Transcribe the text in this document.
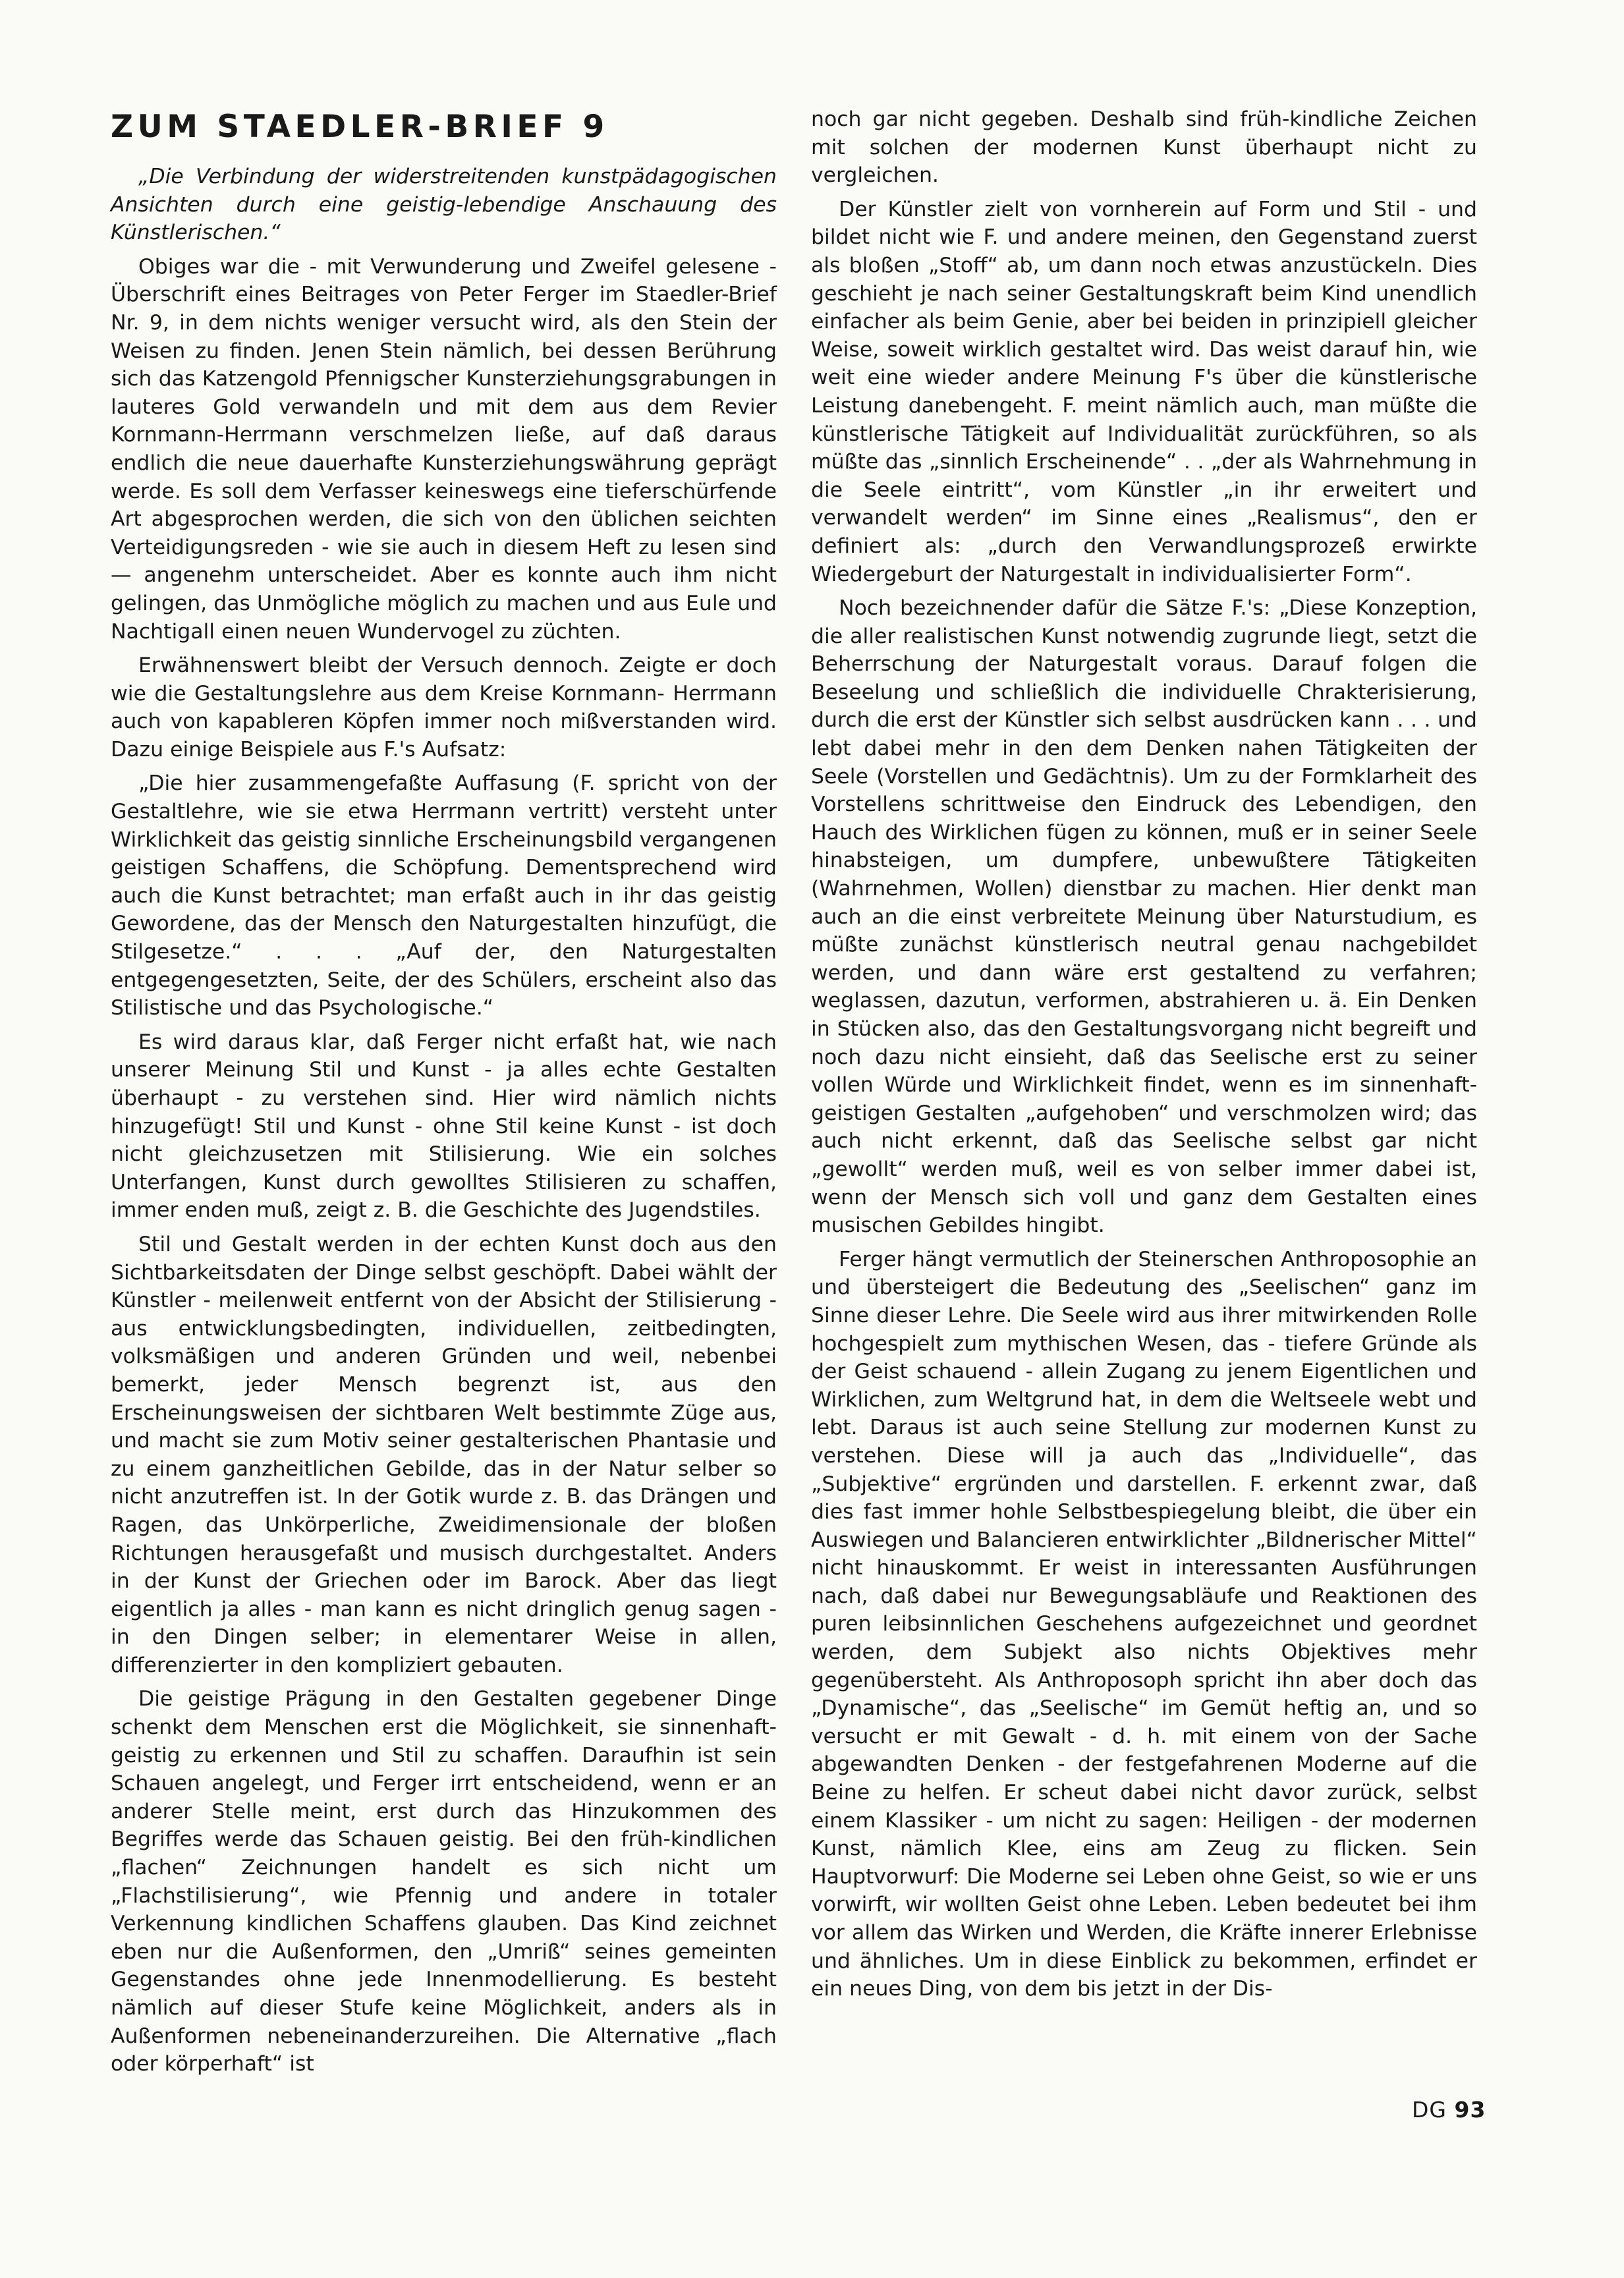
ZUM STAEDLER-BRIEF 9

„Die Verbindung der widerstreitenden kunstpädagogischen Ansichten durch eine geistig-lebendige Anschauung des Künstlerischen.“

Obiges war die - mit Verwunderung und Zweifel gelesene - Überschrift eines Beitrages von Peter Ferger im Staedler-Brief Nr. 9, in dem nichts weniger versucht wird, als den Stein der Weisen zu finden. Jenen Stein nämlich, bei dessen Berührung sich das Katzengold Pfennigscher Kunsterziehungsgrabungen in lauteres Gold verwandeln und mit dem aus dem Revier Kornmann-Herrmann verschmelzen ließe, auf daß daraus endlich die neue dauerhafte Kunsterziehungswährung geprägt werde. Es soll dem Verfasser keineswegs eine tieferschürfende Art abgesprochen werden, die sich von den üblichen seichten Verteidigungsreden - wie sie auch in diesem Heft zu lesen sind — angenehm unterscheidet. Aber es konnte auch ihm nicht gelingen, das Unmögliche möglich zu machen und aus Eule und Nachtigall einen neuen Wundervogel zu züchten.

Erwähnenswert bleibt der Versuch dennoch. Zeigte er doch wie die Gestaltungslehre aus dem Kreise Kornmann- Herrmann auch von kapableren Köpfen immer noch mißverstanden wird. Dazu einige Beispiele aus F.'s Aufsatz:

„Die hier zusammengefaßte Auffasung (F. spricht von der Gestaltlehre, wie sie etwa Herrmann vertritt) versteht unter Wirklichkeit das geistig sinnliche Erscheinungsbild vergangenen geistigen Schaffens, die Schöpfung. Dementsprechend wird auch die Kunst betrachtet; man erfaßt auch in ihr das geistig Gewordene, das der Mensch den Naturgestalten hinzufügt, die Stilgesetze.“ . . . „Auf der, den Naturgestalten entgegengesetzten, Seite, der des Schülers, erscheint also das Stilistische und das Psychologische.“

Es wird daraus klar, daß Ferger nicht erfaßt hat, wie nach unserer Meinung Stil und Kunst - ja alles echte Gestalten überhaupt - zu verstehen sind. Hier wird nämlich nichts hinzugefügt! Stil und Kunst - ohne Stil keine Kunst - ist doch nicht gleichzusetzen mit Stilisierung. Wie ein solches Unterfangen, Kunst durch gewolltes Stilisieren zu schaffen, immer enden muß, zeigt z. B. die Geschichte des Jugendstiles.

Stil und Gestalt werden in der echten Kunst doch aus den Sichtbarkeitsdaten der Dinge selbst geschöpft. Dabei wählt der Künstler - meilenweit entfernt von der Absicht der Stilisierung - aus entwicklungsbedingten, individuellen, zeitbedingten, volksmäßigen und anderen Gründen und weil, nebenbei bemerkt, jeder Mensch begrenzt ist, aus den Erscheinungsweisen der sichtbaren Welt bestimmte Züge aus, und macht sie zum Motiv seiner gestalterischen Phantasie und zu einem ganzheitlichen Gebilde, das in der Natur selber so nicht anzutreffen ist. In der Gotik wurde z. B. das Drängen und Ragen, das Unkörperliche, Zweidimensionale der bloßen Richtungen herausgefaßt und musisch durchgestaltet. Anders in der Kunst der Griechen oder im Barock. Aber das liegt eigentlich ja alles - man kann es nicht dringlich genug sagen - in den Dingen selber; in elementarer Weise in allen, differenzierter in den kompliziert gebauten.

Die geistige Prägung in den Gestalten gegebener Dinge schenkt dem Menschen erst die Möglichkeit, sie sinnenhaft-geistig zu erkennen und Stil zu schaffen. Daraufhin ist sein Schauen angelegt, und Ferger irrt entscheidend, wenn er an anderer Stelle meint, erst durch das Hinzukommen des Begriffes werde das Schauen geistig. Bei den früh-kindlichen „flachen“ Zeichnungen handelt es sich nicht um „Flachstilisierung“, wie Pfennig und andere in totaler Verkennung kindlichen Schaffens glauben. Das Kind zeichnet eben nur die Außenformen, den „Umriß“ seines gemeinten Gegenstandes ohne jede Innenmodellierung. Es besteht nämlich auf dieser Stufe keine Möglichkeit, anders als in Außenformen nebeneinanderzureihen. Die Alternative „flach oder körperhaft“ ist

noch gar nicht gegeben. Deshalb sind früh-kindliche Zeichen mit solchen der modernen Kunst überhaupt nicht zu vergleichen.

Der Künstler zielt von vornherein auf Form und Stil - und bildet nicht wie F. und andere meinen, den Gegenstand zuerst als bloßen „Stoff“ ab, um dann noch etwas anzustückeln. Dies geschieht je nach seiner Gestaltungskraft beim Kind unendlich einfacher als beim Genie, aber bei beiden in prinzipiell gleicher Weise, soweit wirklich gestaltet wird. Das weist darauf hin, wie weit eine wieder andere Meinung F's über die künstlerische Leistung danebengeht. F. meint nämlich auch, man müßte die künstlerische Tätigkeit auf Individualität zurückführen, so als müßte das „sinnlich Erscheinende“ . . „der als Wahrnehmung in die Seele eintritt“, vom Künstler „in ihr erweitert und verwandelt werden“ im Sinne eines „Realismus“, den er definiert als: „durch den Verwandlungsprozeß erwirkte Wiedergeburt der Naturgestalt in individualisierter Form“.

Noch bezeichnender dafür die Sätze F.'s: „Diese Konzeption, die aller realistischen Kunst notwendig zugrunde liegt, setzt die Beherrschung der Naturgestalt voraus. Darauf folgen die Beseelung und schließlich die individuelle Chrakterisierung, durch die erst der Künstler sich selbst ausdrücken kann . . . und lebt dabei mehr in den dem Denken nahen Tätigkeiten der Seele (Vorstellen und Gedächtnis). Um zu der Formklarheit des Vorstellens schrittweise den Eindruck des Lebendigen, den Hauch des Wirklichen fügen zu können, muß er in seiner Seele hinabsteigen, um dumpfere, unbewußtere Tätigkeiten (Wahrnehmen, Wollen) dienstbar zu machen. Hier denkt man auch an die einst verbreitete Meinung über Naturstudium, es müßte zunächst künstlerisch neutral genau nachgebildet werden, und dann wäre erst gestaltend zu verfahren; weglassen, dazutun, verformen, abstrahieren u. ä. Ein Denken in Stücken also, das den Gestaltungsvorgang nicht begreift und noch dazu nicht einsieht, daß das Seelische erst zu seiner vollen Würde und Wirklichkeit findet, wenn es im sinnenhaft-geistigen Gestalten „aufgehoben“ und verschmolzen wird; das auch nicht erkennt, daß das Seelische selbst gar nicht „gewollt“ werden muß, weil es von selber immer dabei ist, wenn der Mensch sich voll und ganz dem Gestalten eines musischen Gebildes hingibt.

Ferger hängt vermutlich der Steinerschen Anthroposophie an und übersteigert die Bedeutung des „Seelischen“ ganz im Sinne dieser Lehre. Die Seele wird aus ihrer mitwirkenden Rolle hochgespielt zum mythischen Wesen, das - tiefere Gründe als der Geist schauend - allein Zugang zu jenem Eigentlichen und Wirklichen, zum Weltgrund hat, in dem die Weltseele webt und lebt. Daraus ist auch seine Stellung zur modernen Kunst zu verstehen. Diese will ja auch das „Individuelle“, das „Subjektive“ ergründen und darstellen. F. erkennt zwar, daß dies fast immer hohle Selbstbespiegelung bleibt, die über ein Auswiegen und Balancieren entwirklichter „Bildnerischer Mittel“ nicht hinauskommt. Er weist in interessanten Ausführungen nach, daß dabei nur Bewegungsabläufe und Reaktionen des puren leibsinnlichen Geschehens aufgezeichnet und geordnet werden, dem Subjekt also nichts Objektives mehr gegenübersteht. Als Anthroposoph spricht ihn aber doch das „Dynamische“, das „Seelische“ im Gemüt heftig an, und so versucht er mit Gewalt - d. h. mit einem von der Sache abgewandten Denken - der festgefahrenen Moderne auf die Beine zu helfen. Er scheut dabei nicht davor zurück, selbst einem Klassiker - um nicht zu sagen: Heiligen - der modernen Kunst, nämlich Klee, eins am Zeug zu flicken. Sein Hauptvorwurf: Die Moderne sei Leben ohne Geist, so wie er uns vorwirft, wir wollten Geist ohne Leben. Leben bedeutet bei ihm vor allem das Wirken und Werden, die Kräfte innerer Erlebnisse und ähnliches. Um in diese Einblick zu bekommen, erfindet er ein neues Ding, von dem bis jetzt in der Dis-

DG 93
